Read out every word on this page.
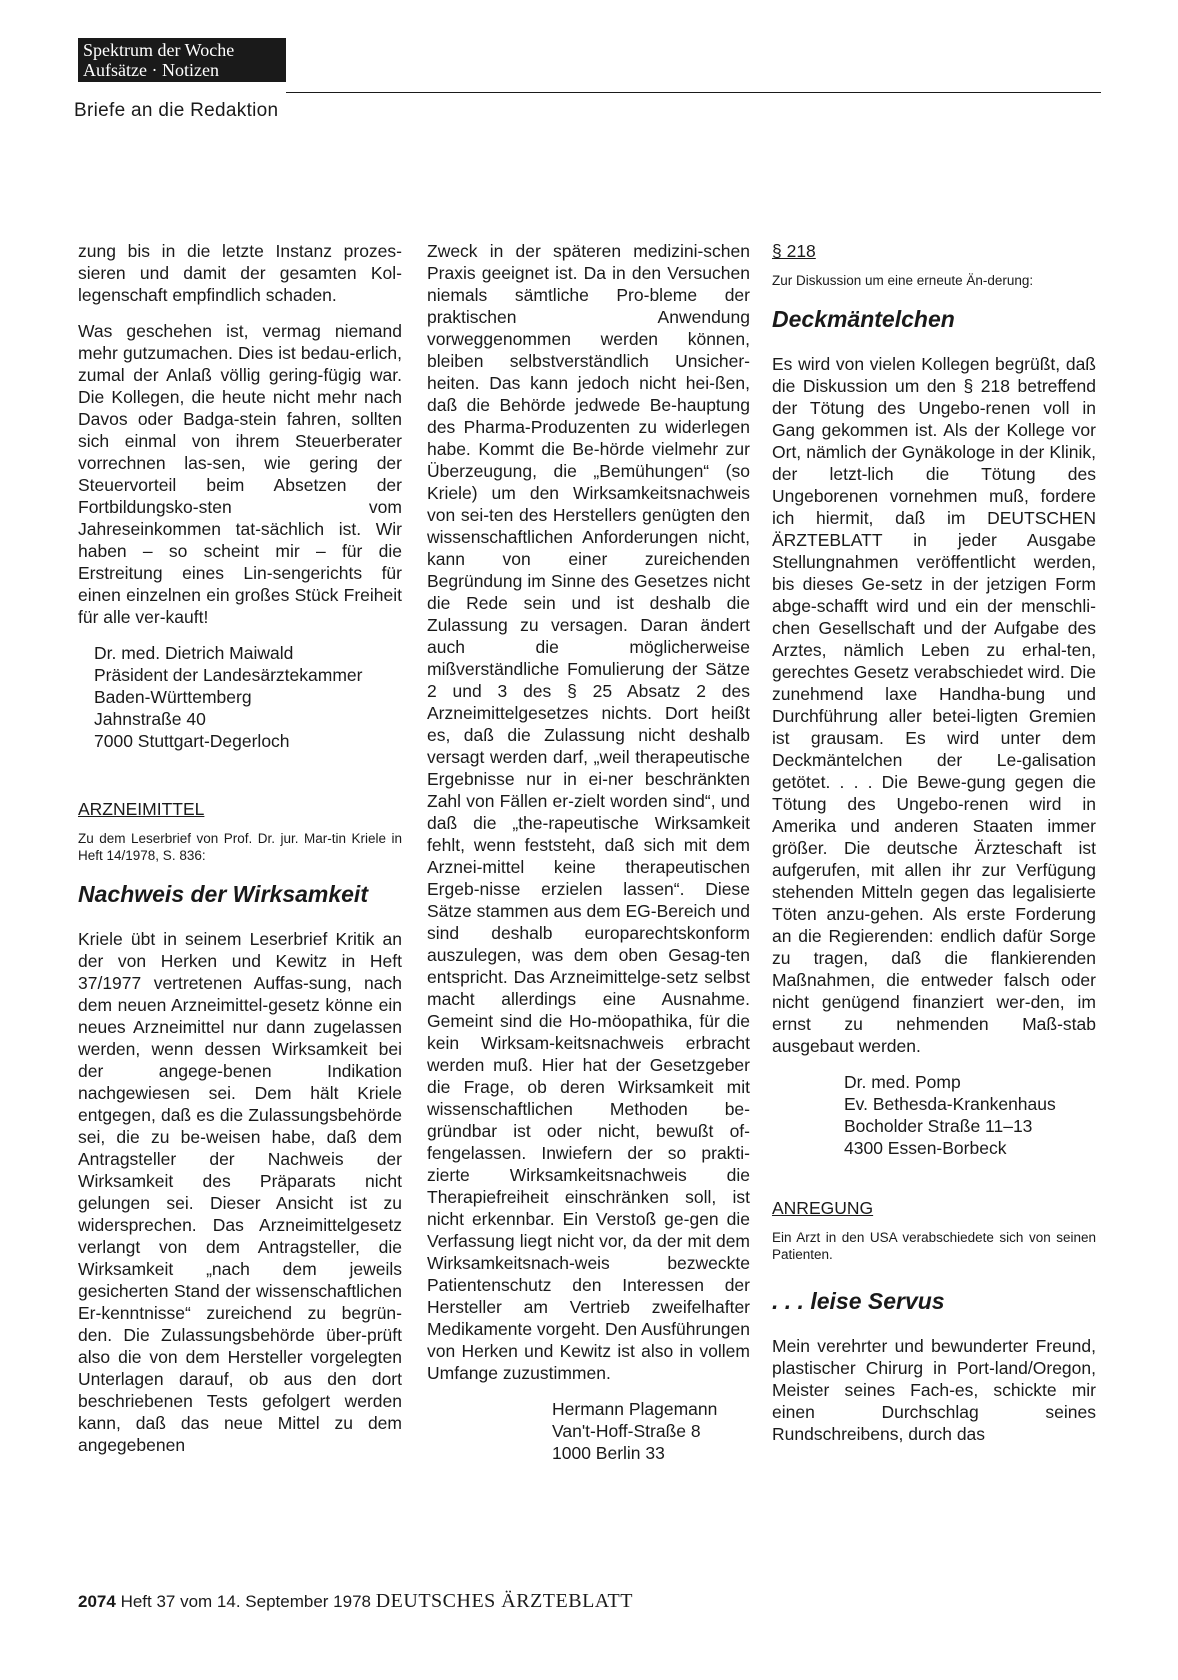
Spektrum der Woche
Aufsätze · Notizen
Briefe an die Redaktion

zung bis in die letzte Instanz prozes-sieren und damit der gesamten Kol-legenschaft empfindlich schaden.

Was geschehen ist, vermag niemand mehr gutzumachen. Dies ist bedau-erlich, zumal der Anlaß völlig gering-fügig war. Die Kollegen, die heute nicht mehr nach Davos oder Badga-stein fahren, sollten sich einmal von ihrem Steuerberater vorrechnen las-sen, wie gering der Steuervorteil beim Absetzen der Fortbildungsko-sten vom Jahreseinkommen tat-sächlich ist. Wir haben – so scheint mir – für die Erstreitung eines Lin-sengerichts für einen einzelnen ein großes Stück Freiheit für alle ver-kauft!

Dr. med. Dietrich Maiwald
Präsident der Landesärztekammer
Baden-Württemberg
Jahnstraße 40
7000 Stuttgart-Degerloch
ARZNEIMITTEL
Zu dem Leserbrief von Prof. Dr. jur. Mar-tin Kriele in Heft 14/1978, S. 836:
Nachweis der Wirksamkeit

Kriele übt in seinem Leserbrief Kritik an der von Herken und Kewitz in Heft 37/1977 vertretenen Auffas-sung, nach dem neuen Arzneimittel-gesetz könne ein neues Arzneimittel nur dann zugelassen werden, wenn dessen Wirksamkeit bei der angege-benen Indikation nachgewiesen sei. Dem hält Kriele entgegen, daß es die Zulassungsbehörde sei, die zu be-weisen habe, daß dem Antragsteller der Nachweis der Wirksamkeit des Präparats nicht gelungen sei. Dieser Ansicht ist zu widersprechen. Das Arzneimittelgesetz verlangt von dem Antragsteller, die Wirksamkeit „nach dem jeweils gesicherten Stand der wissenschaftlichen Er-kenntnisse“ zureichend zu begrün-den. Die Zulassungsbehörde über-prüft also die von dem Hersteller vorgelegten Unterlagen darauf, ob aus den dort beschriebenen Tests gefolgert werden kann, daß das neue Mittel zu dem angegebenen

Zweck in der späteren medizini-schen Praxis geeignet ist. Da in den Versuchen niemals sämtliche Pro-bleme der praktischen Anwendung vorweggenommen werden können, bleiben selbstverständlich Unsicher-heiten. Das kann jedoch nicht hei-ßen, daß die Behörde jedwede Be-hauptung des Pharma-Produzenten zu widerlegen habe. Kommt die Be-hörde vielmehr zur Überzeugung, die „Bemühungen“ (so Kriele) um den Wirksamkeitsnachweis von sei-ten des Herstellers genügten den wissenschaftlichen Anforderungen nicht, kann von einer zureichenden Begründung im Sinne des Gesetzes nicht die Rede sein und ist deshalb die Zulassung zu versagen. Daran ändert auch die möglicherweise mißverständliche Fomulierung der Sätze 2 und 3 des § 25 Absatz 2 des Arzneimittelgesetzes nichts. Dort heißt es, daß die Zulassung nicht deshalb versagt werden darf, „weil therapeutische Ergebnisse nur in ei-ner beschränkten Zahl von Fällen er-zielt worden sind“, und daß die „the-rapeutische Wirksamkeit fehlt, wenn feststeht, daß sich mit dem Arznei-mittel keine therapeutischen Ergeb-nisse erzielen lassen“. Diese Sätze stammen aus dem EG-Bereich und sind deshalb europarechtskonform auszulegen, was dem oben Gesag-ten entspricht. Das Arzneimittelge-setz selbst macht allerdings eine Ausnahme. Gemeint sind die Ho-möopathika, für die kein Wirksam-keitsnachweis erbracht werden muß. Hier hat der Gesetzgeber die Frage, ob deren Wirksamkeit mit wissenschaftlichen Methoden be-gründbar ist oder nicht, bewußt of-fengelassen. Inwiefern der so prakti-zierte Wirksamkeitsnachweis die Therapiefreiheit einschränken soll, ist nicht erkennbar. Ein Verstoß ge-gen die Verfassung liegt nicht vor, da der mit dem Wirksamkeitsnach-weis bezweckte Patientenschutz den Interessen der Hersteller am Vertrieb zweifelhafter Medikamente vorgeht. Den Ausführungen von Herken und Kewitz ist also in vollem Umfange zuzustimmen.

Hermann Plagemann
Van't-Hoff-Straße 8
1000 Berlin 33
§ 218
Zur Diskussion um eine erneute Än-derung:
Deckmäntelchen

Es wird von vielen Kollegen begrüßt, daß die Diskussion um den § 218 betreffend der Tötung des Ungebo-renen voll in Gang gekommen ist. Als der Kollege vor Ort, nämlich der Gynäkologe in der Klinik, der letzt-lich die Tötung des Ungeborenen vornehmen muß, fordere ich hiermit, daß im DEUTSCHEN ÄRZTEBLATT in jeder Ausgabe Stellungnahmen veröffentlicht werden, bis dieses Ge-setz in der jetzigen Form abge-schafft wird und ein der menschli-chen Gesellschaft und der Aufgabe des Arztes, nämlich Leben zu erhal-ten, gerechtes Gesetz verabschiedet wird. Die zunehmend laxe Handha-bung und Durchführung aller betei-ligten Gremien ist grausam. Es wird unter dem Deckmäntelchen der Le-galisation getötet. . . . Die Bewe-gung gegen die Tötung des Ungebo-renen wird in Amerika und anderen Staaten immer größer. Die deutsche Ärzteschaft ist aufgerufen, mit allen ihr zur Verfügung stehenden Mitteln gegen das legalisierte Töten anzu-gehen. Als erste Forderung an die Regierenden: endlich dafür Sorge zu tragen, daß die flankierenden Maßnahmen, die entweder falsch oder nicht genügend finanziert wer-den, im ernst zu nehmenden Maß-stab ausgebaut werden.

Dr. med. Pomp
Ev. Bethesda-Krankenhaus
Bocholder Straße 11–13
4300 Essen-Borbeck
ANREGUNG
Ein Arzt in den USA verabschiedete sich von seinen Patienten.
. . . leise Servus

Mein verehrter und bewunderter Freund, plastischer Chirurg in Port-land/Oregon, Meister seines Fach-es, schickte mir einen Durchschlag seines Rundschreibens, durch das

2074 Heft 37 vom 14. September 1978 DEUTSCHES ÄRZTEBLATT
